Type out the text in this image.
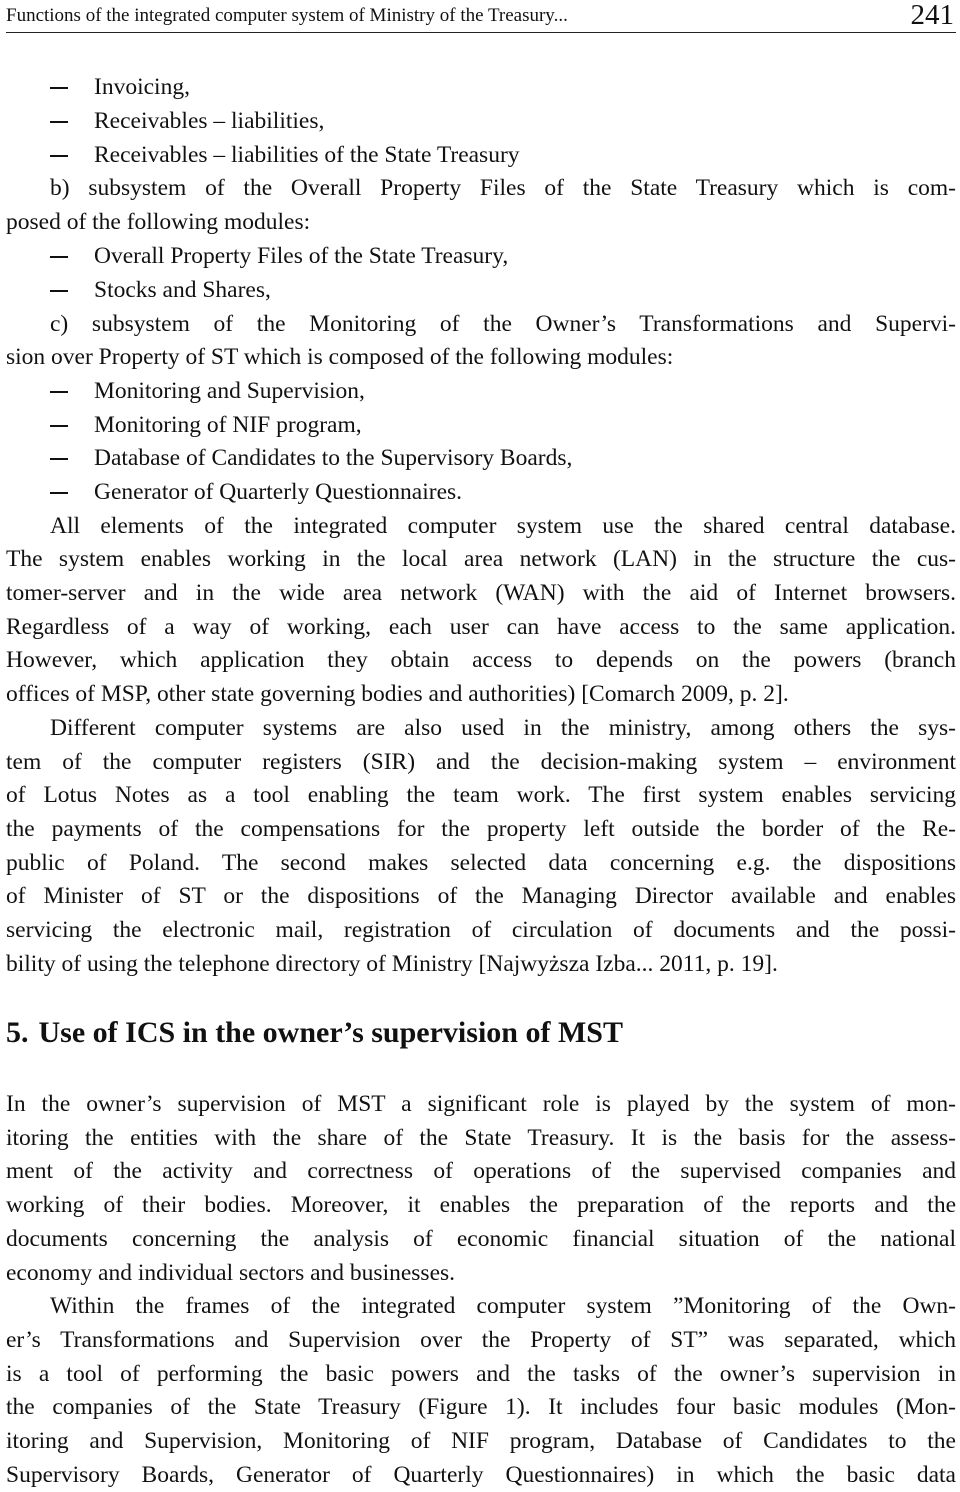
Functions of the integrated computer system of Ministry of the Treasury...	241
Invoicing,
Receivables – liabilities,
Receivables – liabilities of the State Treasury
b) subsystem of the Overall Property Files of the State Treasury which is com-
posed of the following modules:
Overall Property Files of the State Treasury,
Stocks and Shares,
c) subsystem of the Monitoring of the Owner’s Transformations and Supervi-
sion over Property of ST which is composed of the following modules:
Monitoring and Supervision,
Monitoring of NIF program,
Database of Candidates to the Supervisory Boards,
Generator of Quarterly Questionnaires.
All elements of the integrated computer system use the shared central database.
The system enables working in the local area network (LAN) in the structure the cus-
tomer-server and in the wide area network (WAN) with the aid of Internet browsers.
Regardless of a way of working, each user can have access to the same application.
However, which application they obtain access to depends on the powers (branch
offices of MSP, other state governing bodies and authorities) [Comarch 2009, p. 2].
Different computer systems are also used in the ministry, among others the sys-
tem of the computer registers (SIR) and the decision-making system – environment
of Lotus Notes as a tool enabling the team work. The first system enables servicing
the payments of the compensations for the property left outside the border of the Re-
public of Poland. The second makes selected data concerning e.g. the dispositions
of Minister of ST or the dispositions of the Managing Director available and enables
servicing the electronic mail, registration of circulation of documents and the possi-
bility of using the telephone directory of Ministry [Najwyższa Izba... 2011, p. 19].
5. Use of ICS in the owner’s supervision of MST
In the owner’s supervision of MST a significant role is played by the system of mon-
itoring the entities with the share of the State Treasury. It is the basis for the assess-
ment of the activity and correctness of operations of the supervised companies and
working of their bodies. Moreover, it enables the preparation of the reports and the
documents concerning the analysis of economic financial situation of the national
economy and individual sectors and businesses.
Within the frames of the integrated computer system ”Monitoring of the Own-
er’s Transformations and Supervision over the Property of ST” was separated, which
is a tool of performing the basic powers and the tasks of the owner’s supervision in
the companies of the State Treasury (Figure 1). It includes four basic modules (Mon-
itoring and Supervision, Monitoring of NIF program, Database of Candidates to the
Supervisory Boards, Generator of Quarterly Questionnaires) in which the basic data
